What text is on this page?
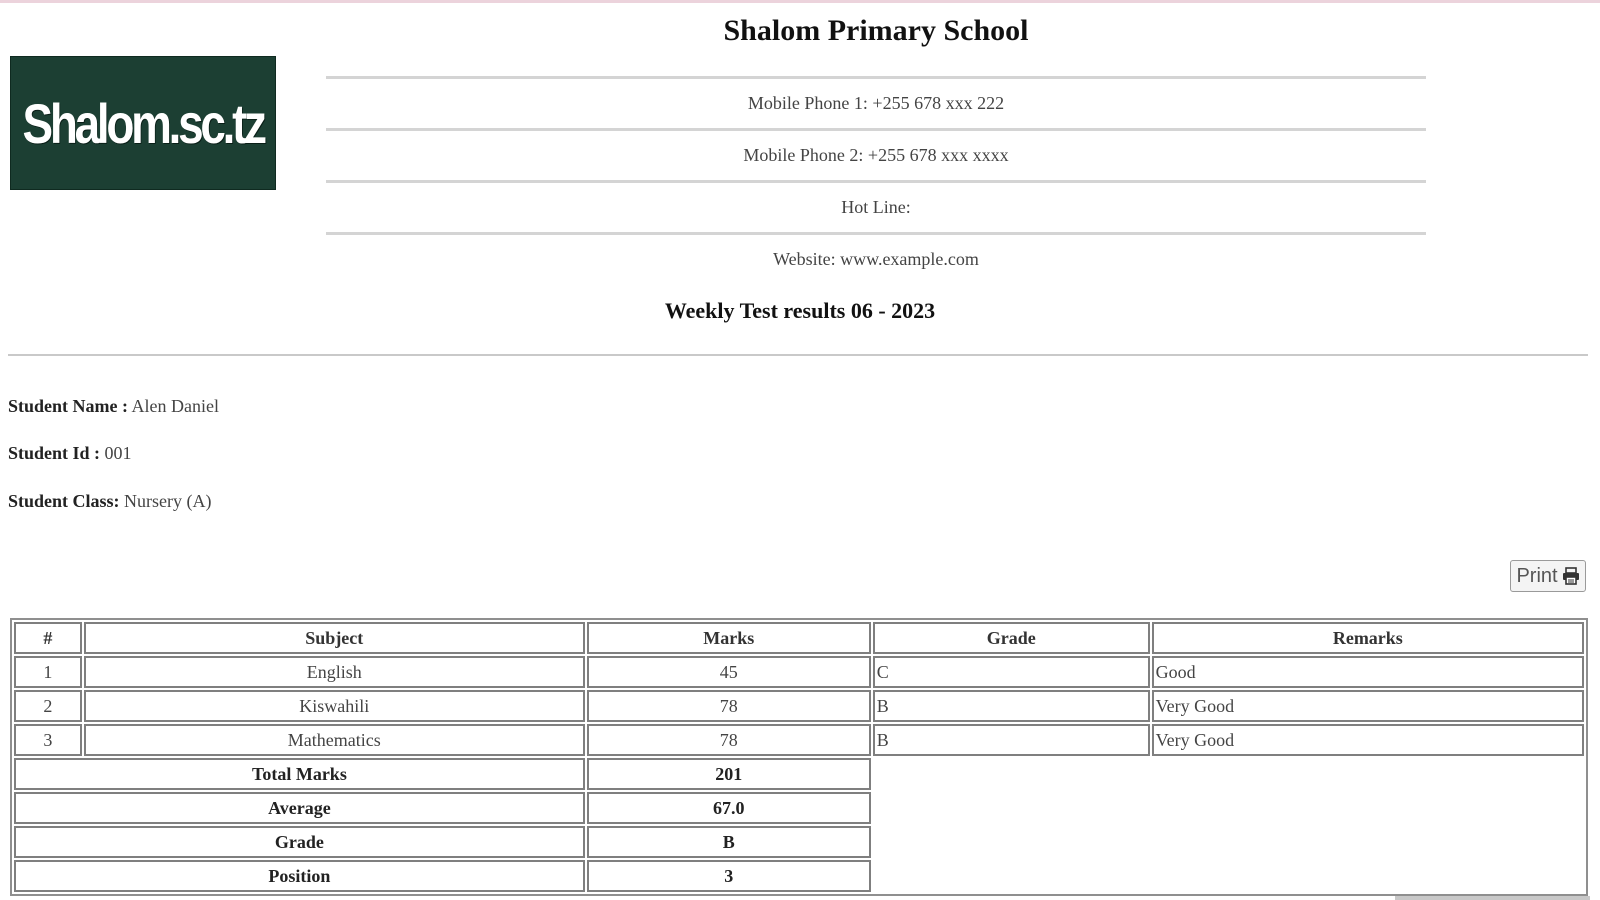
Shalom.sc.tz
Shalom Primary School
Mobile Phone 1: +255 678 xxx 222
Mobile Phone 2: +255 678 xxx xxxx
Hot Line:
Website: www.example.com
Weekly Test results 06 - 2023
Student Name : Alen Daniel
Student Id : 001
Student Class: Nursery (A)
Print
#	Subject	Marks	Grade	Remarks
1	English	45	C	Good
2	Kiswahili	78	B	Very Good
3	Mathematics	78	B	Very Good
Total Marks		201		
Average		67.0		
Grade		B		
Position		3		
